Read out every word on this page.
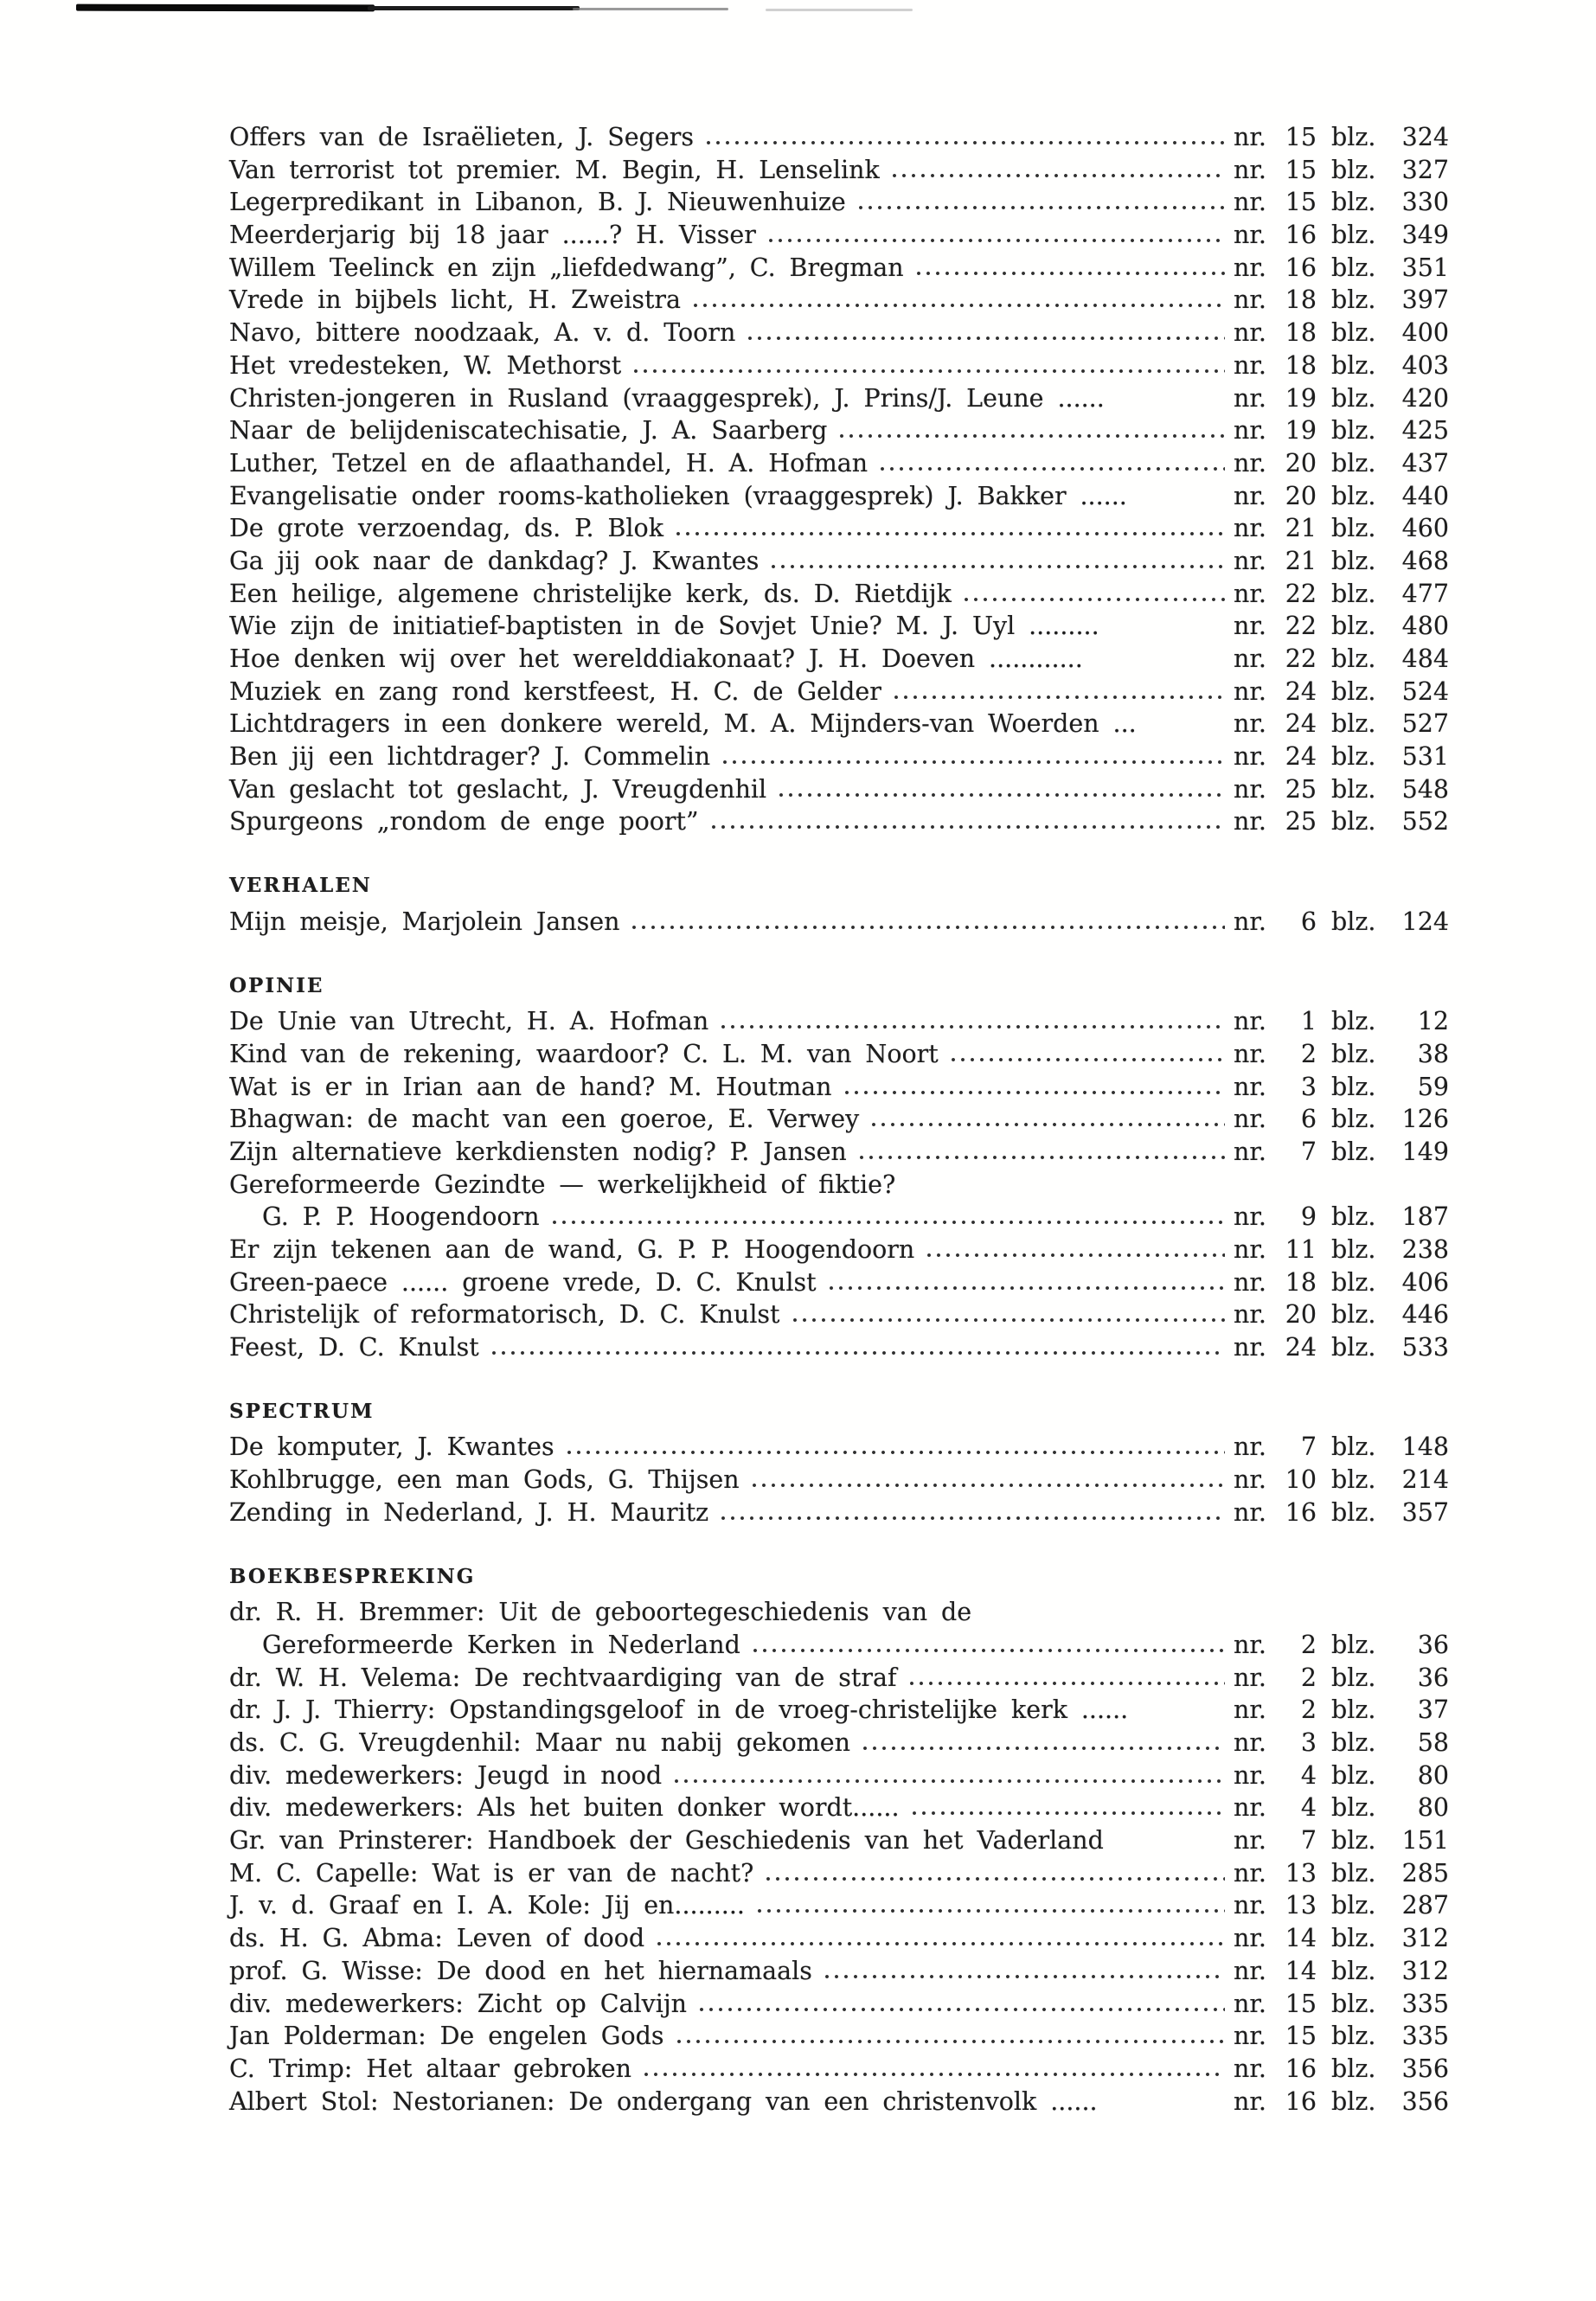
Offers van de Israëlieten, J. Segers	nr. 15 blz.	324
Van terrorist tot premier. M. Begin, H. Lenselink	nr. 15 blz.	327
Legerpredikant in Libanon, B. J. Nieuwenhuize	nr. 15 blz.	330
Meerderjarig bij 18 jaar ......? H. Visser	nr. 16 blz.	349
Willem Teelinck en zijn „liefdedwang”, C. Bregman	nr. 16 blz.	351
Vrede in bijbels licht, H. Zweistra	nr. 18 blz.	397
Navo, bittere noodzaak, A. v. d. Toorn	nr. 18 blz.	400
Het vredesteken, W. Methorst	nr. 18 blz.	403
Christen-jongeren in Rusland (vraaggesprek), J. Prins/J. Leune ......	nr. 19 blz.	420
Naar de belijdeniscatechisatie, J. A. Saarberg	nr. 19 blz.	425
Luther, Tetzel en de aflaathandel, H. A. Hofman	nr. 20 blz.	437
Evangelisatie onder rooms-katholieken (vraaggesprek) J. Bakker ......	nr. 20 blz.	440
De grote verzoendag, ds. P. Blok	nr. 21 blz.	460
Ga jij ook naar de dankdag? J. Kwantes	nr. 21 blz.	468
Een heilige, algemene christelijke kerk, ds. D. Rietdijk	nr. 22 blz.	477
Wie zijn de initiatief-baptisten in de Sovjet Unie? M. J. Uyl .........	nr. 22 blz.	480
Hoe denken wij over het werelddiakonaat? J. H. Doeven ............	nr. 22 blz.	484
Muziek en zang rond kerstfeest, H. C. de Gelder	nr. 24 blz.	524
Lichtdragers in een donkere wereld, M. A. Mijnders-van Woerden ...	nr. 24 blz.	527
Ben jij een lichtdrager? J. Commelin	nr. 24 blz.	531
Van geslacht tot geslacht, J. Vreugdenhil	nr. 25 blz.	548
Spurgeons „rondom de enge poort”	nr. 25 blz.	552
VERHALEN
Mijn meisje, Marjolein Jansen	nr.	6 blz.	124
OPINIE
De Unie van Utrecht, H. A. Hofman	nr.	1 blz.	12
Kind van de rekening, waardoor? C. L. M. van Noort	nr.	2 blz.	38
Wat is er in Irian aan de hand? M. Houtman	nr.	3 blz.	59
Bhagwan: de macht van een goeroe, E. Verwey	nr.	6 blz.	126
Zijn alternatieve kerkdiensten nodig? P. Jansen	nr.	7 blz.	149
Gereformeerde Gezindte — werkelijkheid of fiktie?
G. P. P. Hoogendoorn	nr.	9 blz.	187
Er zijn tekenen aan de wand, G. P. P. Hoogendoorn	nr. 11 blz.	238
Green-paece ...... groene vrede, D. C. Knulst	nr. 18 blz.	406
Christelijk of reformatorisch, D. C. Knulst	nr. 20 blz.	446
Feest, D. C. Knulst	nr. 24 blz.	533
SPECTRUM
De komputer, J. Kwantes	nr.	7 blz.	148
Kohlbrugge, een man Gods, G. Thijsen	nr. 10 blz.	214
Zending in Nederland, J. H. Mauritz	nr. 16 blz.	357
BOEKBESPREKING
dr. R. H. Bremmer: Uit de geboortegeschiedenis van de
Gereformeerde Kerken in Nederland	nr.	2 blz.	36
dr. W. H. Velema: De rechtvaardiging van de straf	nr.	2 blz.	36
dr. J. J. Thierry: Opstandingsgeloof in de vroeg-christelijke kerk ......	nr.	2 blz.	37
ds. C. G. Vreugdenhil: Maar nu nabij gekomen	nr.	3 blz.	58
div. medewerkers: Jeugd in nood	nr.	4 blz.	80
div. medewerkers: Als het buiten donker wordt......	nr.	4 blz.	80
Gr. van Prinsterer: Handboek der Geschiedenis van het Vaderland	nr.	7 blz.	151
M. C. Capelle: Wat is er van de nacht?	nr. 13 blz.	285
J. v. d. Graaf en I. A. Kole: Jij en.........	nr. 13 blz.	287
ds. H. G. Abma: Leven of dood	nr. 14 blz.	312
prof. G. Wisse: De dood en het hiernamaals	nr. 14 blz.	312
div. medewerkers: Zicht op Calvijn	nr. 15 blz.	335
Jan Polderman: De engelen Gods	nr. 15 blz.	335
C. Trimp: Het altaar gebroken	nr. 16 blz.	356
Albert Stol: Nestorianen: De ondergang van een christenvolk ......	nr. 16 blz.	356
